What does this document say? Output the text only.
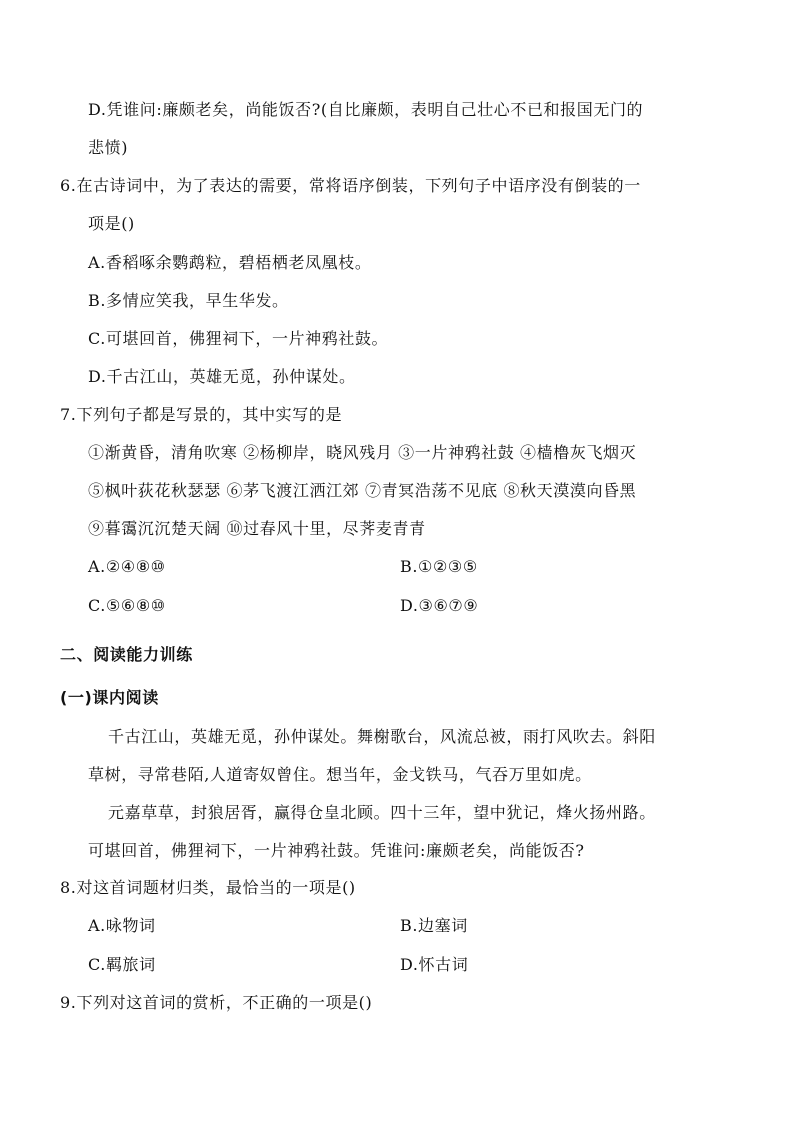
D.凭谁问:廉颇老矣，尚能饭否?(自比廉颇，表明自己壮心不已和报国无门的
悲愤)
6.在古诗词中，为了表达的需要，常将语序倒装，下列句子中语序没有倒装的一
项是()
A.香稻啄余鹦鹉粒，碧梧栖老凤凰枝。
B.多情应笑我，早生华发。
C.可堪回首，佛狸祠下，一片神鸦社鼓。
D.千古江山，英雄无觅，孙仲谋处。
7.下列句子都是写景的，其中实写的是
①渐黄昏，清角吹寒 ②杨柳岸，晓风残月 ③一片神鸦社鼓 ④樯橹灰飞烟灭
⑤枫叶荻花秋瑟瑟 ⑥茅飞渡江洒江郊 ⑦青冥浩荡不见底 ⑧秋天漠漠向昏黑
⑨暮霭沉沉楚天阔 ⑩过春风十里，尽荠麦青青
A.②④⑧⑩	B.①②③⑤
C.⑤⑥⑧⑩	D.③⑥⑦⑨
二、阅读能力训练
(一)课内阅读
千古江山，英雄无觅，孙仲谋处。舞榭歌台，风流总被，雨打风吹去。斜阳
草树，寻常巷陌,人道寄奴曾住。想当年，金戈铁马，气吞万里如虎。
元嘉草草，封狼居胥，赢得仓皇北顾。四十三年，望中犹记，烽火扬州路。
可堪回首，佛狸祠下，一片神鸦社鼓。凭谁问:廉颇老矣，尚能饭否?
8.对这首词题材归类，最恰当的一项是()
A.咏物词	B.边塞词
C.羁旅词	D.怀古词
9.下列对这首词的赏析，不正确的一项是()
